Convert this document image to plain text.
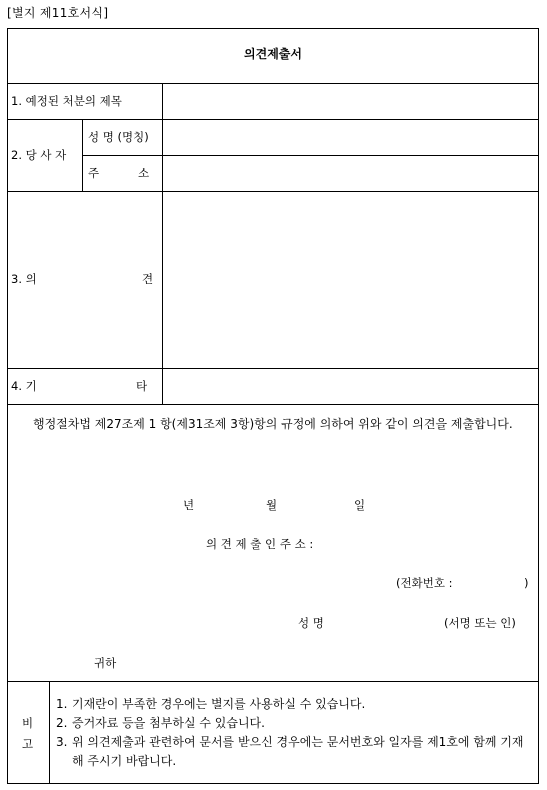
[별지 제11호서식]
의견제출서
1. 예정된 처분의 제목
2. 당 사 자
성 명 (명칭)
주	소
3. 의	견
4. 기	타
행정절차법 제27조제 1 항(제31조제 3항)항의 규정에 의하여 위와 같이 의견을 제출합니다.
년	월	일
의 견 제 출 인 주 소 :
(전화번호 :	)
성 명	(서명 또는 인)
귀하
비
고
1. 기재란이 부족한 경우에는 별지를 사용하실 수 있습니다.
2. 증거자료 등을 첨부하실 수 있습니다.
3. 위 의견제출과 관련하여 문서를 받으신 경우에는 문서번호와 일자를 제1호에 함께 기재해 주시기 바랍니다.
